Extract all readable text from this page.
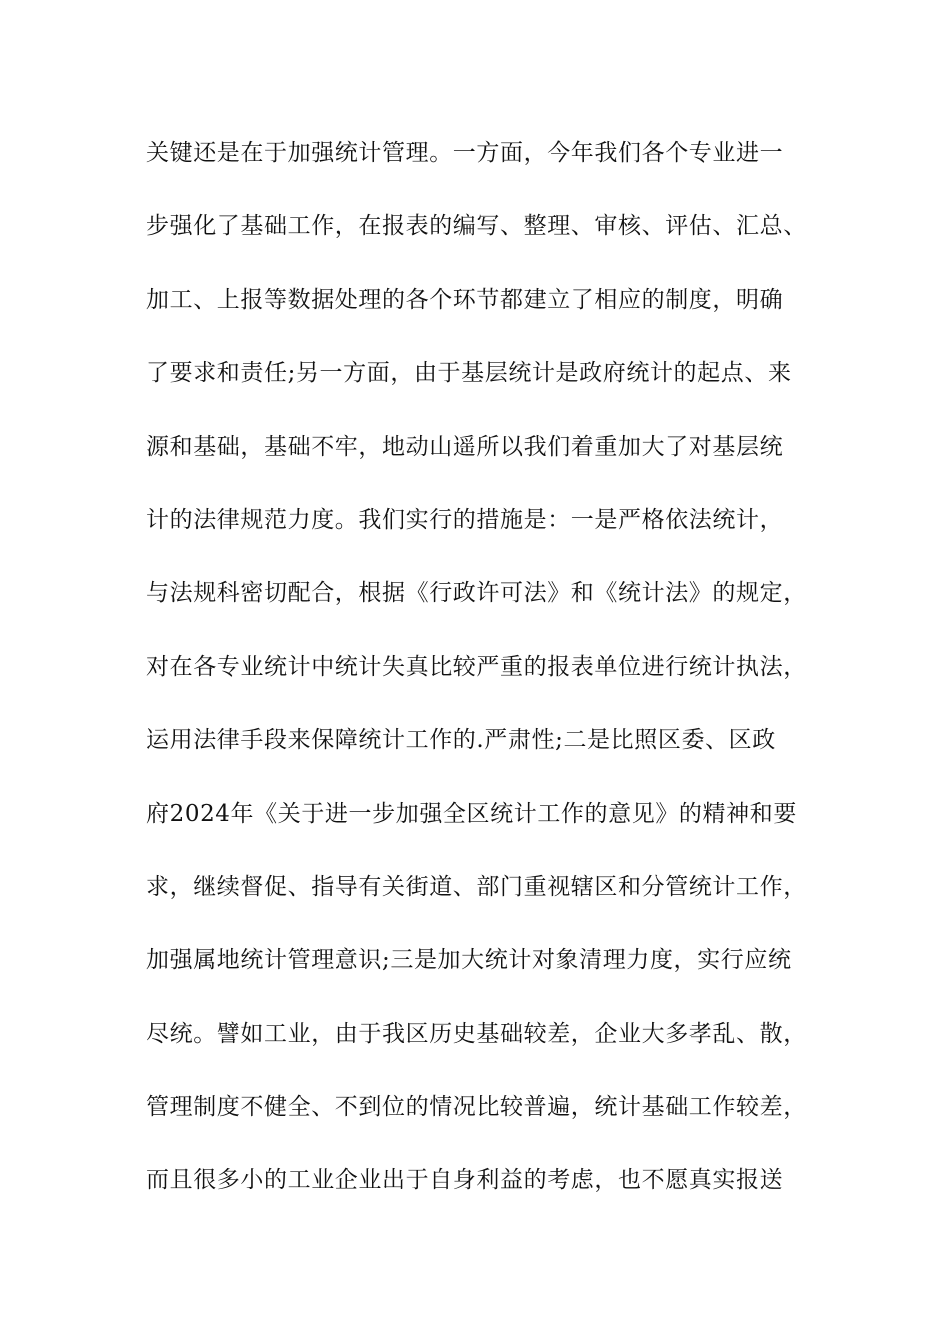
关键还是在于加强统计管理。一方面，今年我们各个专业进一
步强化了基础工作，在报表的编写、整理、审核、评估、汇总、
加工、上报等数据处理的各个环节都建立了相应的制度，明确
了要求和责任;另一方面，由于基层统计是政府统计的起点、来
源和基础，基础不牢，地动山遥所以我们着重加大了对基层统
计的法律规范力度。我们实行的措施是：一是严格依法统计，
与法规科密切配合，根据《行政许可法》和《统计法》的规定，
对在各专业统计中统计失真比较严重的报表单位进行统计执法，
运用法律手段来保障统计工作的.严肃性;二是比照区委、区政
府2024年《关于进一步加强全区统计工作的意见》的精神和要
求，继续督促、指导有关街道、部门重视辖区和分管统计工作，
加强属地统计管理意识;三是加大统计对象清理力度，实行应统
尽统。譬如工业，由于我区历史基础较差，企业大多孝乱、散，
管理制度不健全、不到位的情况比较普遍，统计基础工作较差，
而且很多小的工业企业出于自身利益的考虑，也不愿真实报送
